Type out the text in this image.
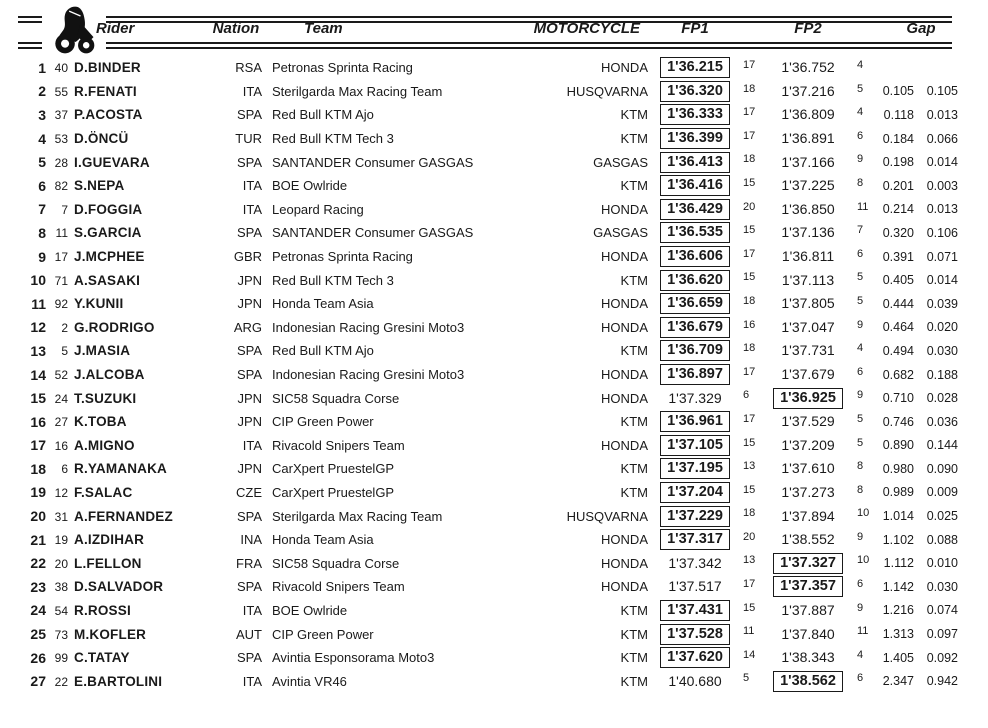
Rider	Nation	Team	MOTORCYCLE	FP1	FP2	Gap
1 40 D.BINDER	RSA Petronas Sprinta Racing	HONDA	1'36.215	17	1'36.752	4
2 55 R.FENATI	ITA Sterilgarda Max Racing Team	HUSQVARNA	1'36.320	18	1'37.216	5	0.105	0.105
3 37 P.ACOSTA	SPA Red Bull KTM Ajo	KTM	1'36.333	17	1'36.809	4	0.118	0.013
4 53 D.ÖNCÜ	TUR Red Bull KTM Tech 3	KTM	1'36.399	17	1'36.891	6	0.184	0.066
5 28 I.GUEVARA	SPA SANTANDER Consumer GASGAS	GASGAS	1'36.413	18	1'37.166	9	0.198	0.014
6 82 S.NEPA	ITA BOE Owlride	KTM	1'36.416	15	1'37.225	8	0.201	0.003
7	7 D.FOGGIA	ITA Leopard Racing	HONDA	1'36.429	20	1'36.850	11	0.214	0.013
8 11 S.GARCIA	SPA SANTANDER Consumer GASGAS	GASGAS	1'36.535	15	1'37.136	7	0.320	0.106
9 17 J.MCPHEE	GBR Petronas Sprinta Racing	HONDA	1'36.606	17	1'36.811	6	0.391	0.071
10 71 A.SASAKI	JPN Red Bull KTM Tech 3	KTM	1'36.620	15	1'37.113	5	0.405	0.014
11 92 Y.KUNII	JPN Honda Team Asia	HONDA	1'36.659	18	1'37.805	5	0.444	0.039
12	2 G.RODRIGO	ARG Indonesian Racing Gresini Moto3	HONDA	1'36.679	16	1'37.047	9	0.464	0.020
13	5 J.MASIA	SPA Red Bull KTM Ajo	KTM	1'36.709	18	1'37.731	4	0.494	0.030
14 52 J.ALCOBA	SPA Indonesian Racing Gresini Moto3	HONDA	1'36.897	17	1'37.679	6	0.682	0.188
15 24 T.SUZUKI	JPN SIC58 Squadra Corse	HONDA	1'37.329	6	1'36.925	9	0.710	0.028
16 27 K.TOBA	JPN CIP Green Power	KTM	1'36.961	17	1'37.529	5	0.746	0.036
17 16 A.MIGNO	ITA Rivacold Snipers Team	HONDA	1'37.105	15	1'37.209	5	0.890	0.144
18	6 R.YAMANAKA	JPN CarXpert PruestelGP	KTM	1'37.195	13	1'37.610	8	0.980	0.090
19 12 F.SALAC	CZE CarXpert PruestelGP	KTM	1'37.204	15	1'37.273	8	0.989	0.009
20 31 A.FERNANDEZ	SPA Sterilgarda Max Racing Team	HUSQVARNA	1'37.229	18	1'37.894	10	1.014	0.025
21 19 A.IZDIHAR	INA Honda Team Asia	HONDA	1'37.317	20	1'38.552	9	1.102	0.088
22 20 L.FELLON	FRA SIC58 Squadra Corse	HONDA	1'37.342	13	1'37.327	10	1.112	0.010
23 38 D.SALVADOR	SPA Rivacold Snipers Team	HONDA	1'37.517	17	1'37.357	6	1.142	0.030
24 54 R.ROSSI	ITA BOE Owlride	KTM	1'37.431	15	1'37.887	9	1.216	0.074
25 73 M.KOFLER	AUT CIP Green Power	KTM	1'37.528	11	1'37.840	11	1.313	0.097
26 99 C.TATAY	SPA Avintia Esponsorama Moto3	KTM	1'37.620	14	1'38.343	4	1.405	0.092
27 22 E.BARTOLINI	ITA Avintia VR46	KTM	1'40.680	5	1'38.562	6	2.347	0.942
